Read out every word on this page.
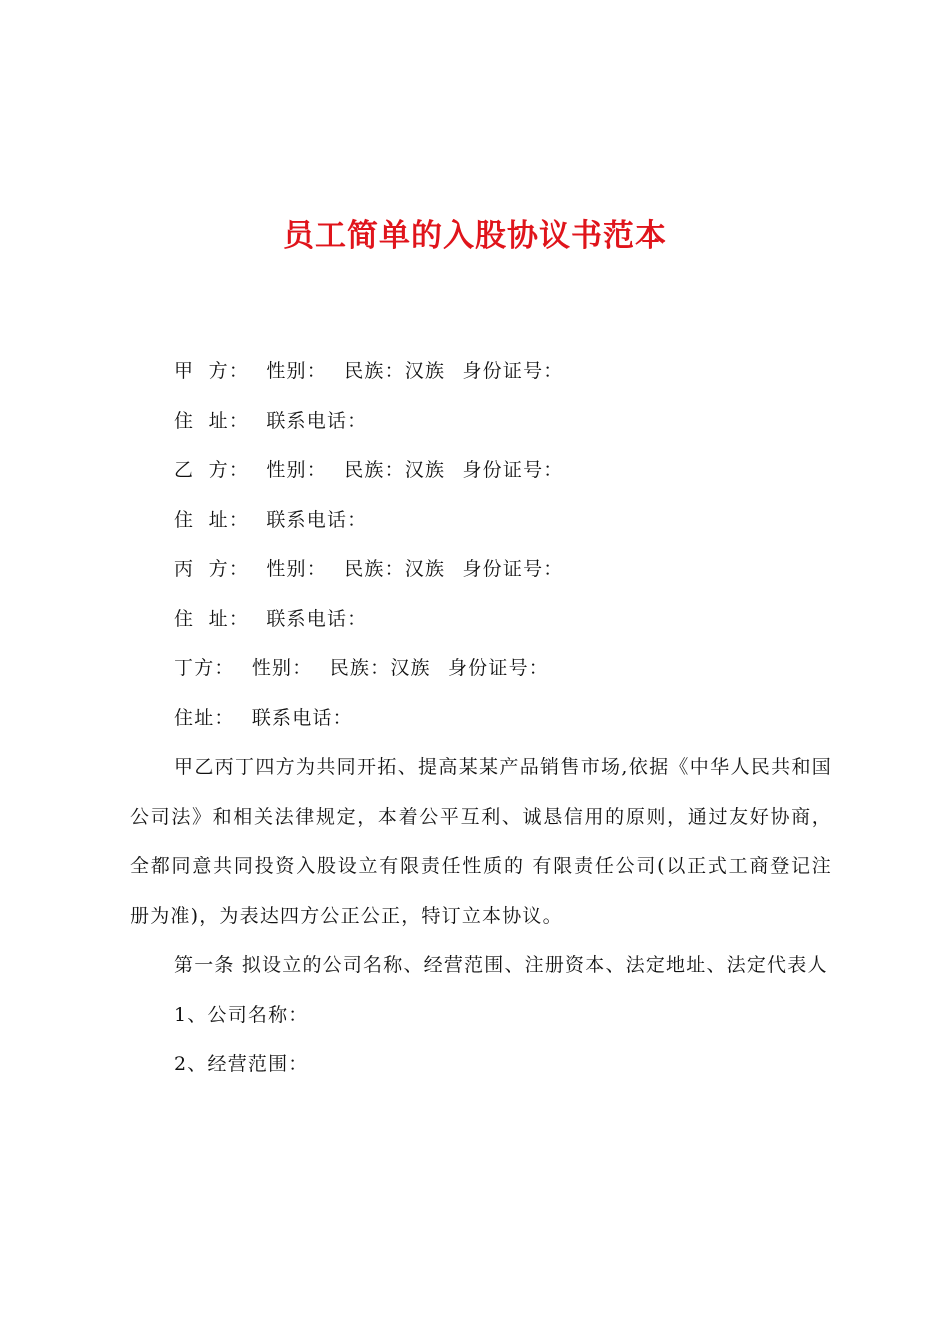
员工简单的入股协议书范本
甲  方： 性别： 民族：汉族 身份证号：
住  址： 联系电话：
乙  方： 性别： 民族：汉族 身份证号：
住  址： 联系电话：
丙  方： 性别： 民族：汉族 身份证号：
住  址： 联系电话：
丁方： 性别： 民族：汉族 身份证号：
住址： 联系电话：

甲乙丙丁四方为共同开拓、提高某某产品销售市场,依据《中华人民共和国公司法》和相关法律规定，本着公平互利、诚恳信用的原则，通过友好协商，全都同意共同投资入股设立有限责任性质的 有限责任公司(以正式工商登记注册为准)，为表达四方公正公正，特订立本协议。

第一条 拟设立的公司名称、经营范围、注册资本、法定地址、法定代表人

1、公司名称：
2、经营范围：
